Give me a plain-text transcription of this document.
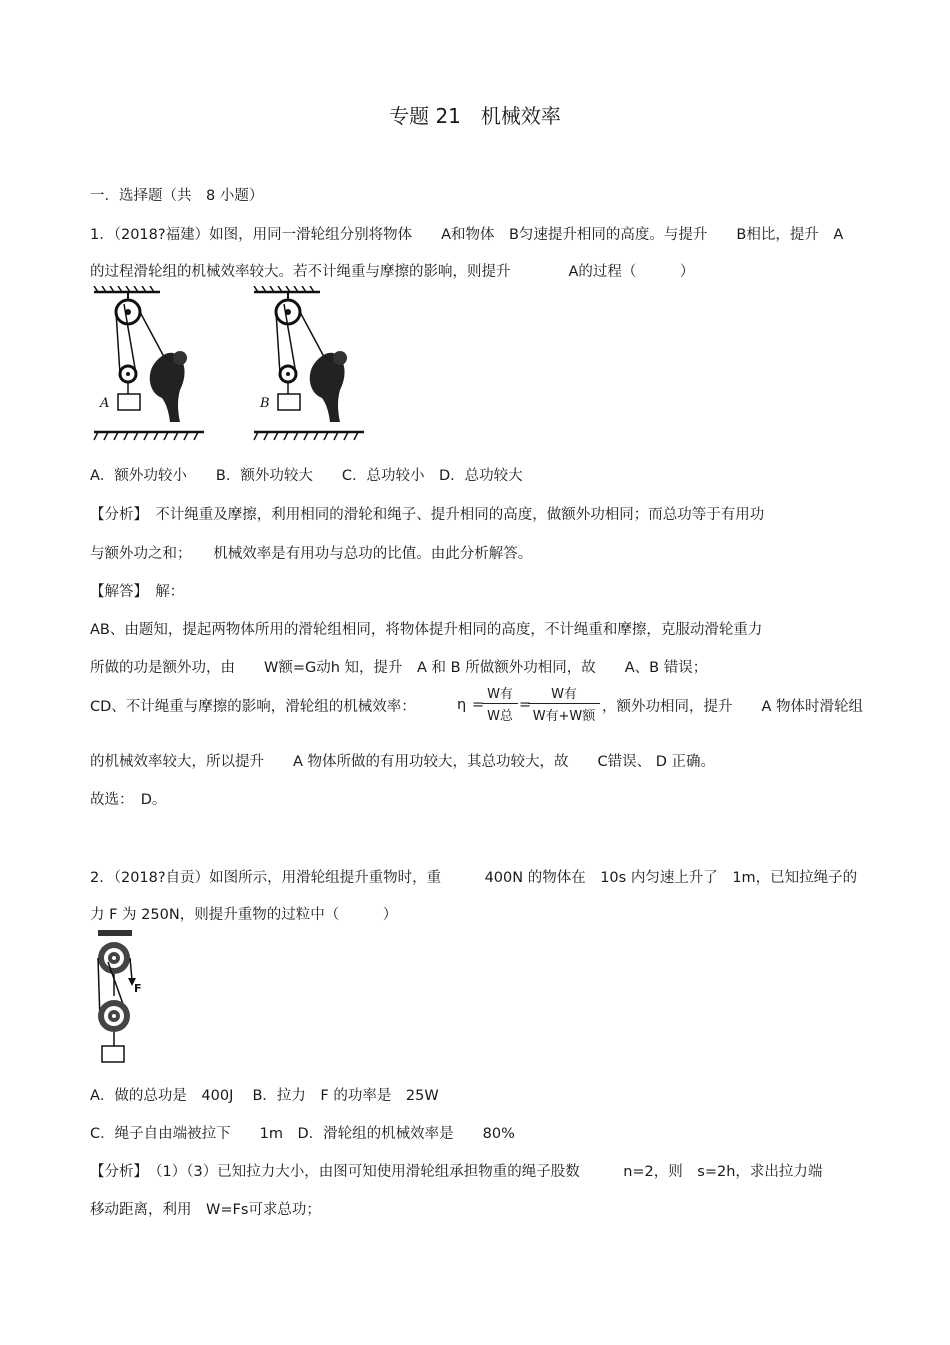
专题 21　机械效率
一．选择题（共　8 小题）
1．（2018?福建）如图，用同一滑轮组分别将物体　　A和物体　B匀速提升相同的高度。与提升　　B相比，提升　A
的过程滑轮组的机械效率较大。若不计绳重与摩擦的影响，则提升　　　　A的过程（　　　）
A	B
A．额外功较小　　B．额外功较大　　C．总功较小　D．总功较大
【分析】　不计绳重及摩擦，利用相同的滑轮和绳子、提升相同的高度，做额外功相同；而总功等于有用功
与额外功之和；　　机械效率是有用功与总功的比值。由此分析解答。
【解答】　解：
AB、由题知，提起两物体所用的滑轮组相同，将物体提升相同的高度，不计绳重和摩擦，克服动滑轮重力
所做的功是额外功，由　　W额=G动h 知，提升　A 和 B 所做额外功相同，故　　A、B 错误；
CD、不计绳重与摩擦的影响，滑轮组的机械效率：	η =
W有
W总
=
W有
W有+W额
，额外功相同，提升　　A 物体时滑轮组
的机械效率较大，所以提升　　A 物体所做的有用功较大，其总功较大，故　　C错误、 D 正确。
故选：　D。
2．（2018?自贡）如图所示，用滑轮组提升重物时，重　　　400N 的物体在　10s 内匀速上升了　1m，已知拉绳子的
力 F 为 250N，则提升重物的过粒中（　　　）
F
A．做的总功是　400J　 B．拉力　F 的功率是　25W
C．绳子自由端被拉下　　1m　D．滑轮组的机械效率是　　80%
【分析】　（1）（3）已知拉力大小，由图可知使用滑轮组承担物重的绳子股数　　　n=2，则　s=2h，求出拉力端
移动距离，利用　W=Fs可求总功；
